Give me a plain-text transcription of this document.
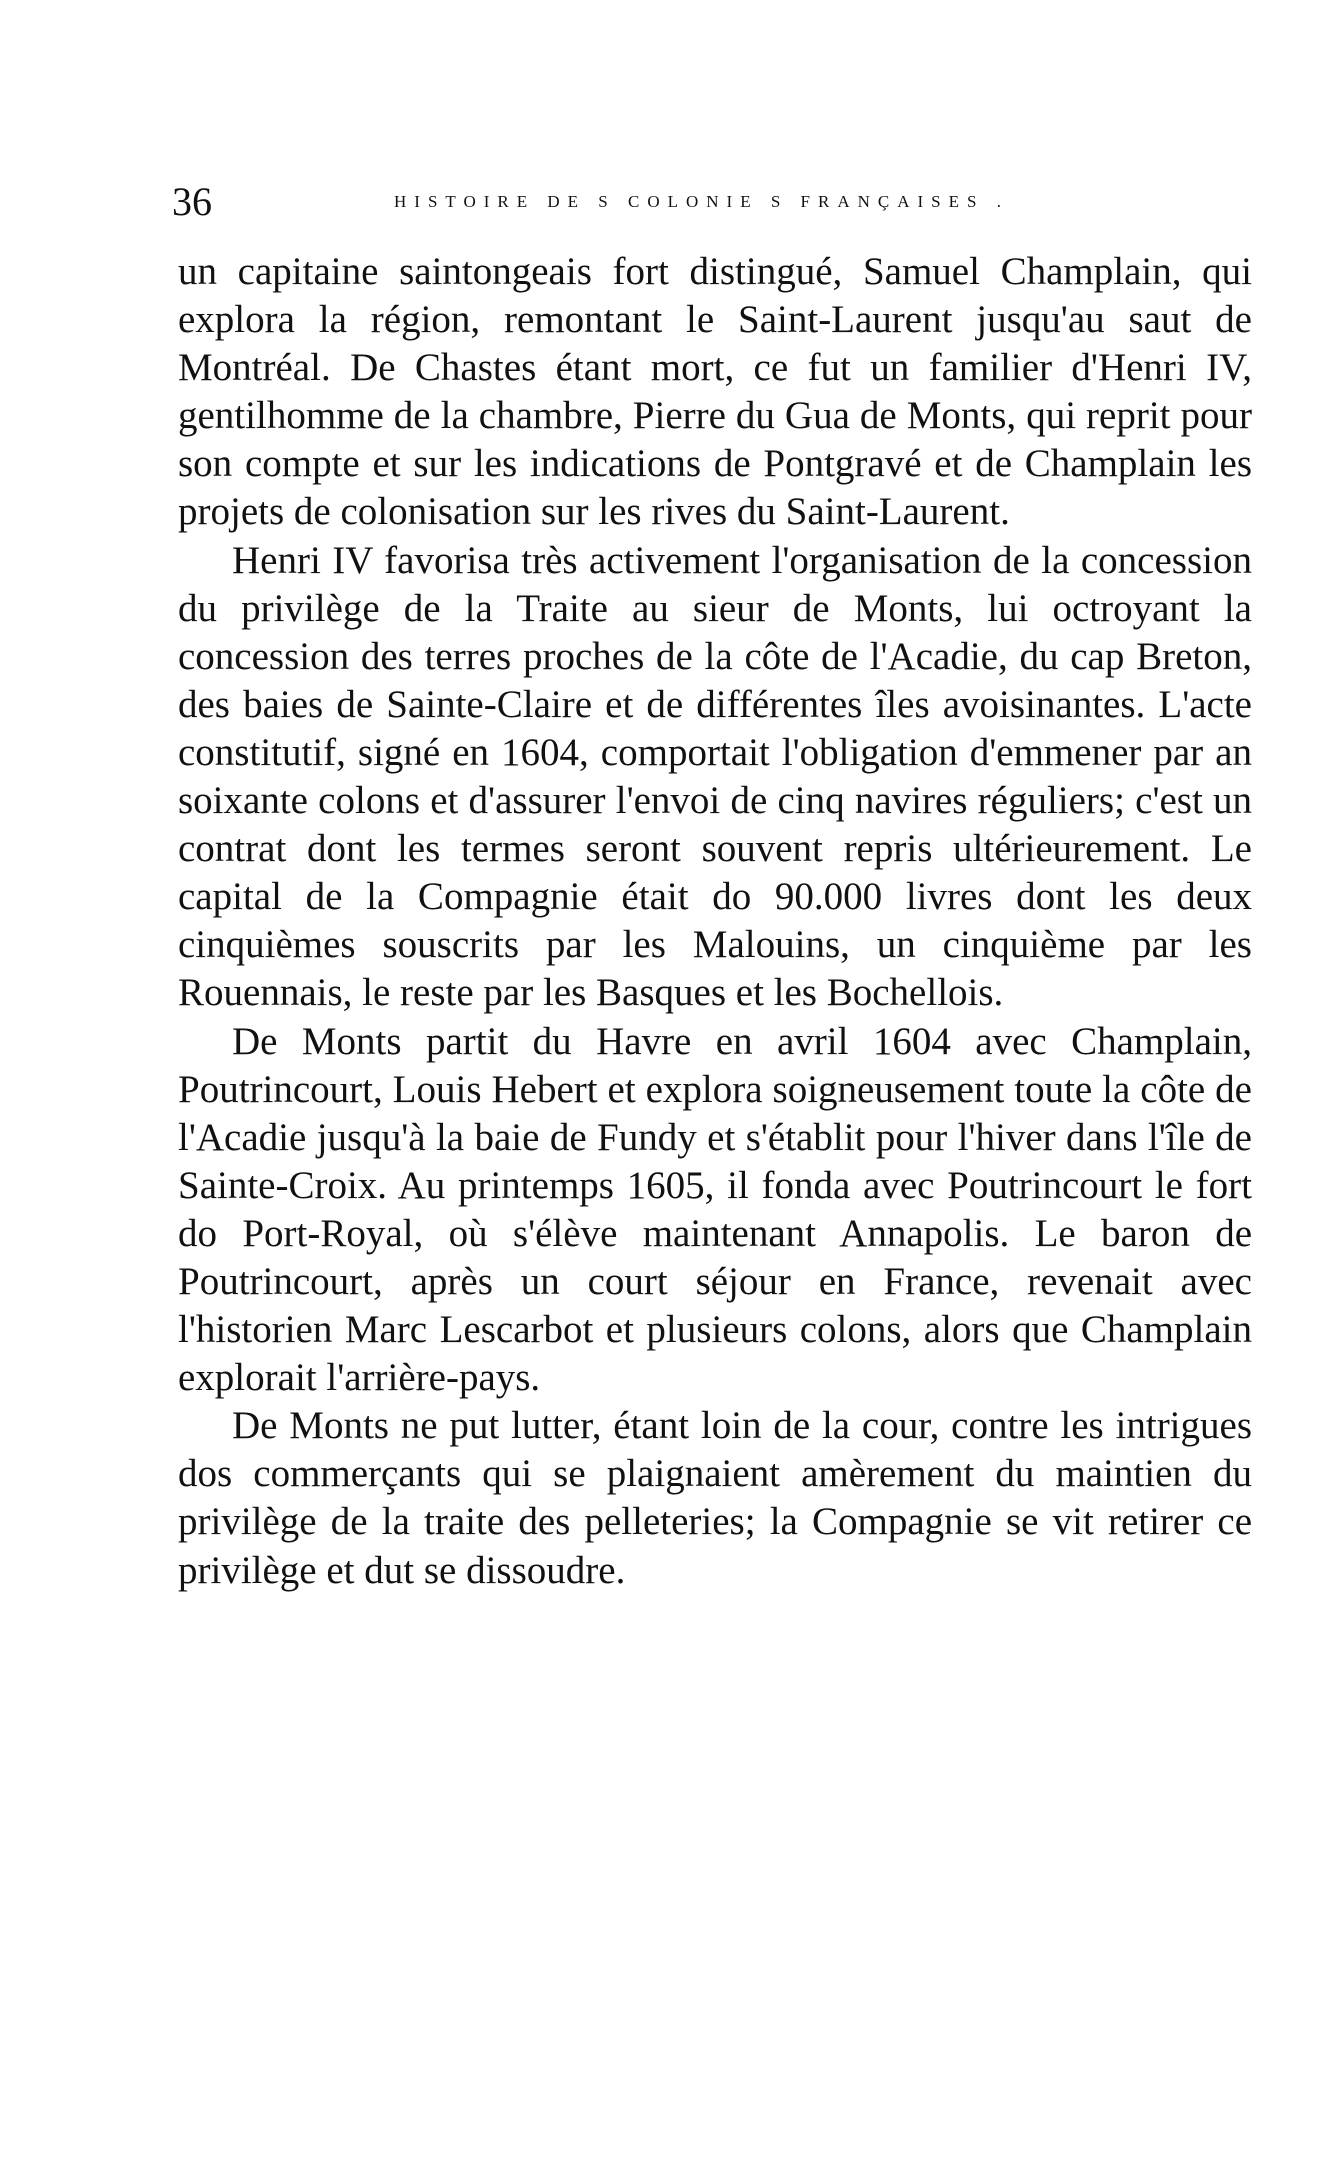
36	HISTOIRE DE S COLONIE S FRANÇAISES .

un capitaine saintongeais fort distingué, Samuel Champlain, qui explora la région, remontant le Saint-Laurent jusqu'au saut de Montréal. De Chastes étant mort, ce fut un familier d'Henri IV, gentilhomme de la chambre, Pierre du Gua de Monts, qui reprit pour son compte et sur les indications de Pontgravé et de Champlain les projets de colonisation sur les rives du Saint-Laurent.

Henri IV favorisa très activement l'organisation de la concession du privilège de la Traite au sieur de Monts, lui octroyant la concession des terres proches de la côte de l'Acadie, du cap Breton, des baies de Sainte-Claire et de différentes îles avoisinantes. L'acte constitutif, signé en 1604, comportait l'obligation d'emmener par an soixante colons et d'assurer l'envoi de cinq navires réguliers; c'est un contrat dont les termes seront souvent repris ultérieurement. Le capital de la Compagnie était do 90.000 livres dont les deux cinquièmes souscrits par les Malouins, un cinquième par les Rouennais, le reste par les Basques et les Bochellois.

De Monts partit du Havre en avril 1604 avec Champlain, Poutrincourt, Louis Hebert et explora soigneusement toute la côte de l'Acadie jusqu'à la baie de Fundy et s'établit pour l'hiver dans l'île de Sainte-Croix. Au printemps 1605, il fonda avec Poutrincourt le fort do Port-Royal, où s'élève maintenant Annapolis. Le baron de Poutrincourt, après un court séjour en France, revenait avec l'historien Marc Lescarbot et plusieurs colons, alors que Champlain explorait l'arrière-pays.

De Monts ne put lutter, étant loin de la cour, contre les intrigues dos commerçants qui se plaignaient amèrement du maintien du privilège de la traite des pelleteries; la Compagnie se vit retirer ce privilège et dut se dissoudre.
